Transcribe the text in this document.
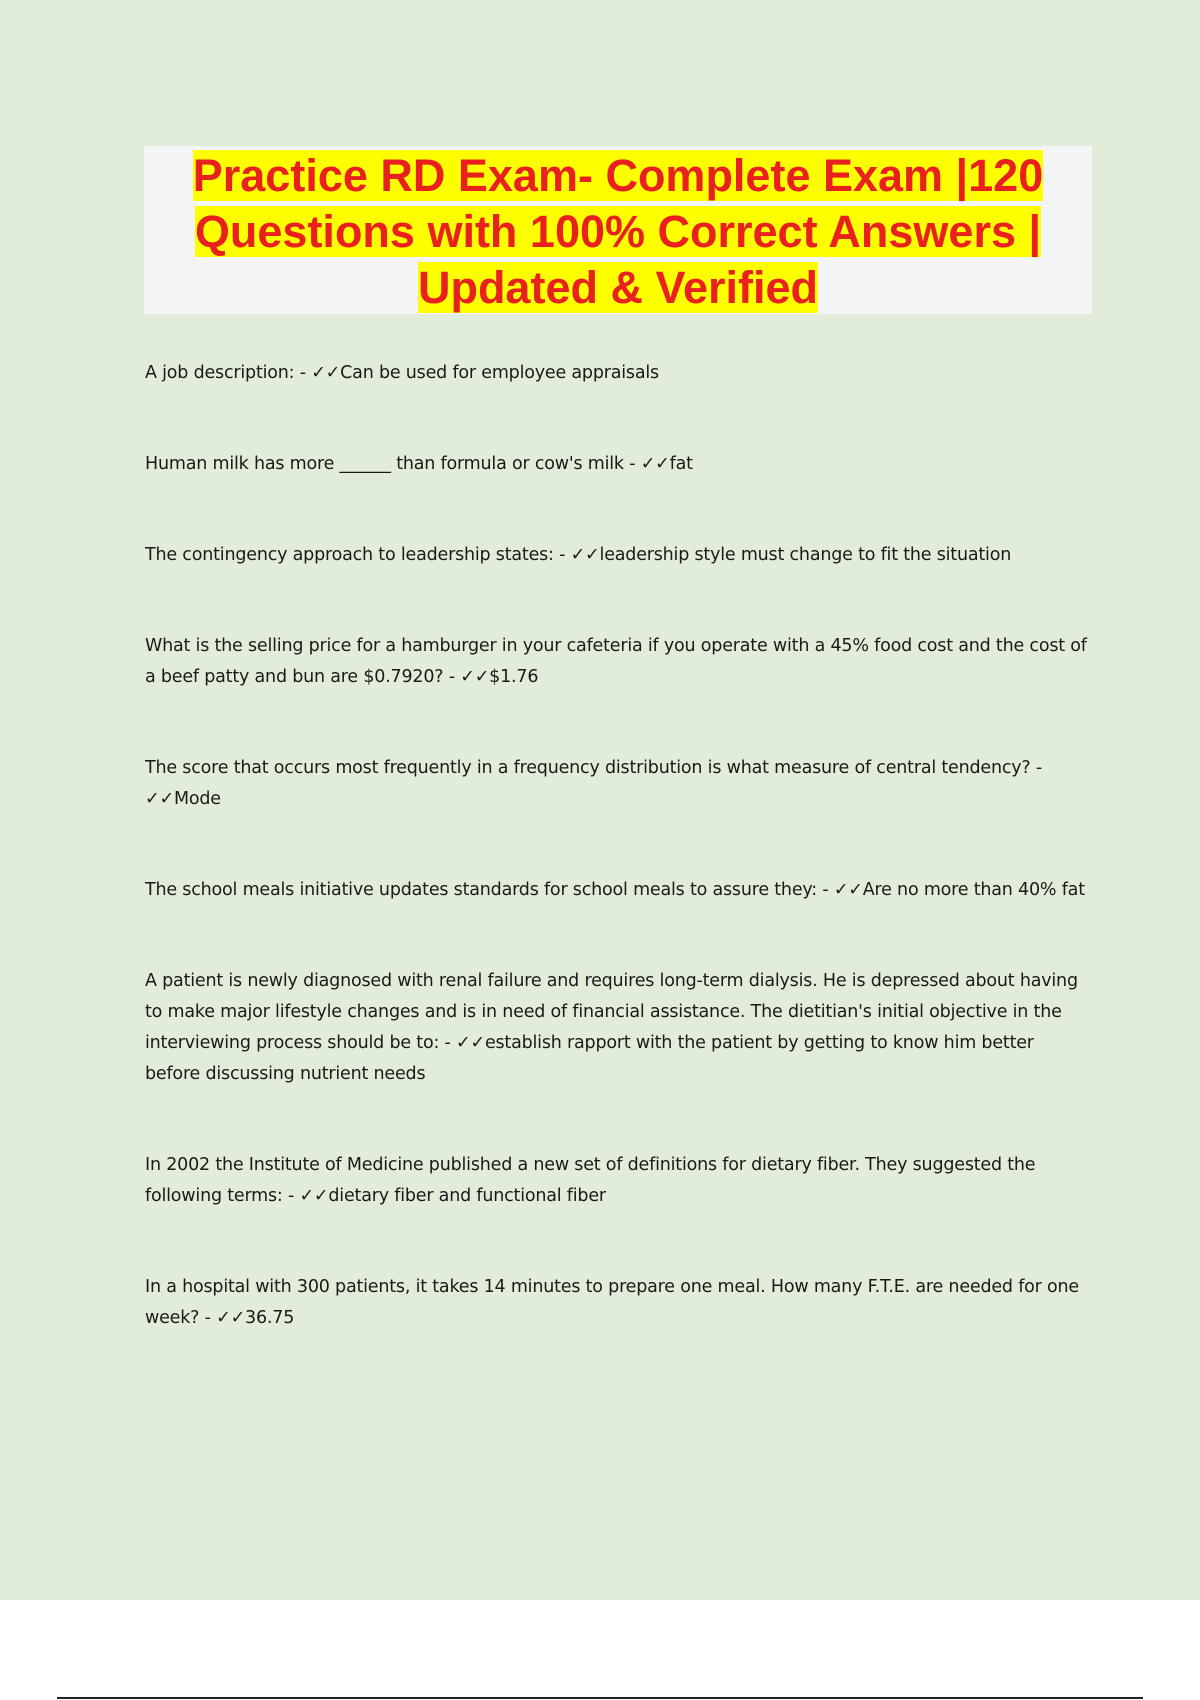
Practice RD Exam- Complete Exam |120
Questions with 100% Correct Answers |
Updated & Verified
A job description: - ✓✓Can be used for employee appraisals
Human milk has more ______ than formula or cow's milk - ✓✓fat
The contingency approach to leadership states: - ✓✓leadership style must change to fit the situation
What is the selling price for a hamburger in your cafeteria if you operate with a 45% food cost and the cost of a beef patty and bun are $0.7920? - ✓✓$1.76
The score that occurs most frequently in a frequency distribution is what measure of central tendency? - ✓✓Mode
The school meals initiative updates standards for school meals to assure they: - ✓✓Are no more than 40% fat
A patient is newly diagnosed with renal failure and requires long-term dialysis. He is depressed about having to make major lifestyle changes and is in need of financial assistance. The dietitian's initial objective in the interviewing process should be to: - ✓✓establish rapport with the patient by getting to know him better before discussing nutrient needs
In 2002 the Institute of Medicine published a new set of definitions for dietary fiber. They suggested the following terms: - ✓✓dietary fiber and functional fiber
In a hospital with 300 patients, it takes 14 minutes to prepare one meal. How many F.T.E. are needed for one week? - ✓✓36.75
